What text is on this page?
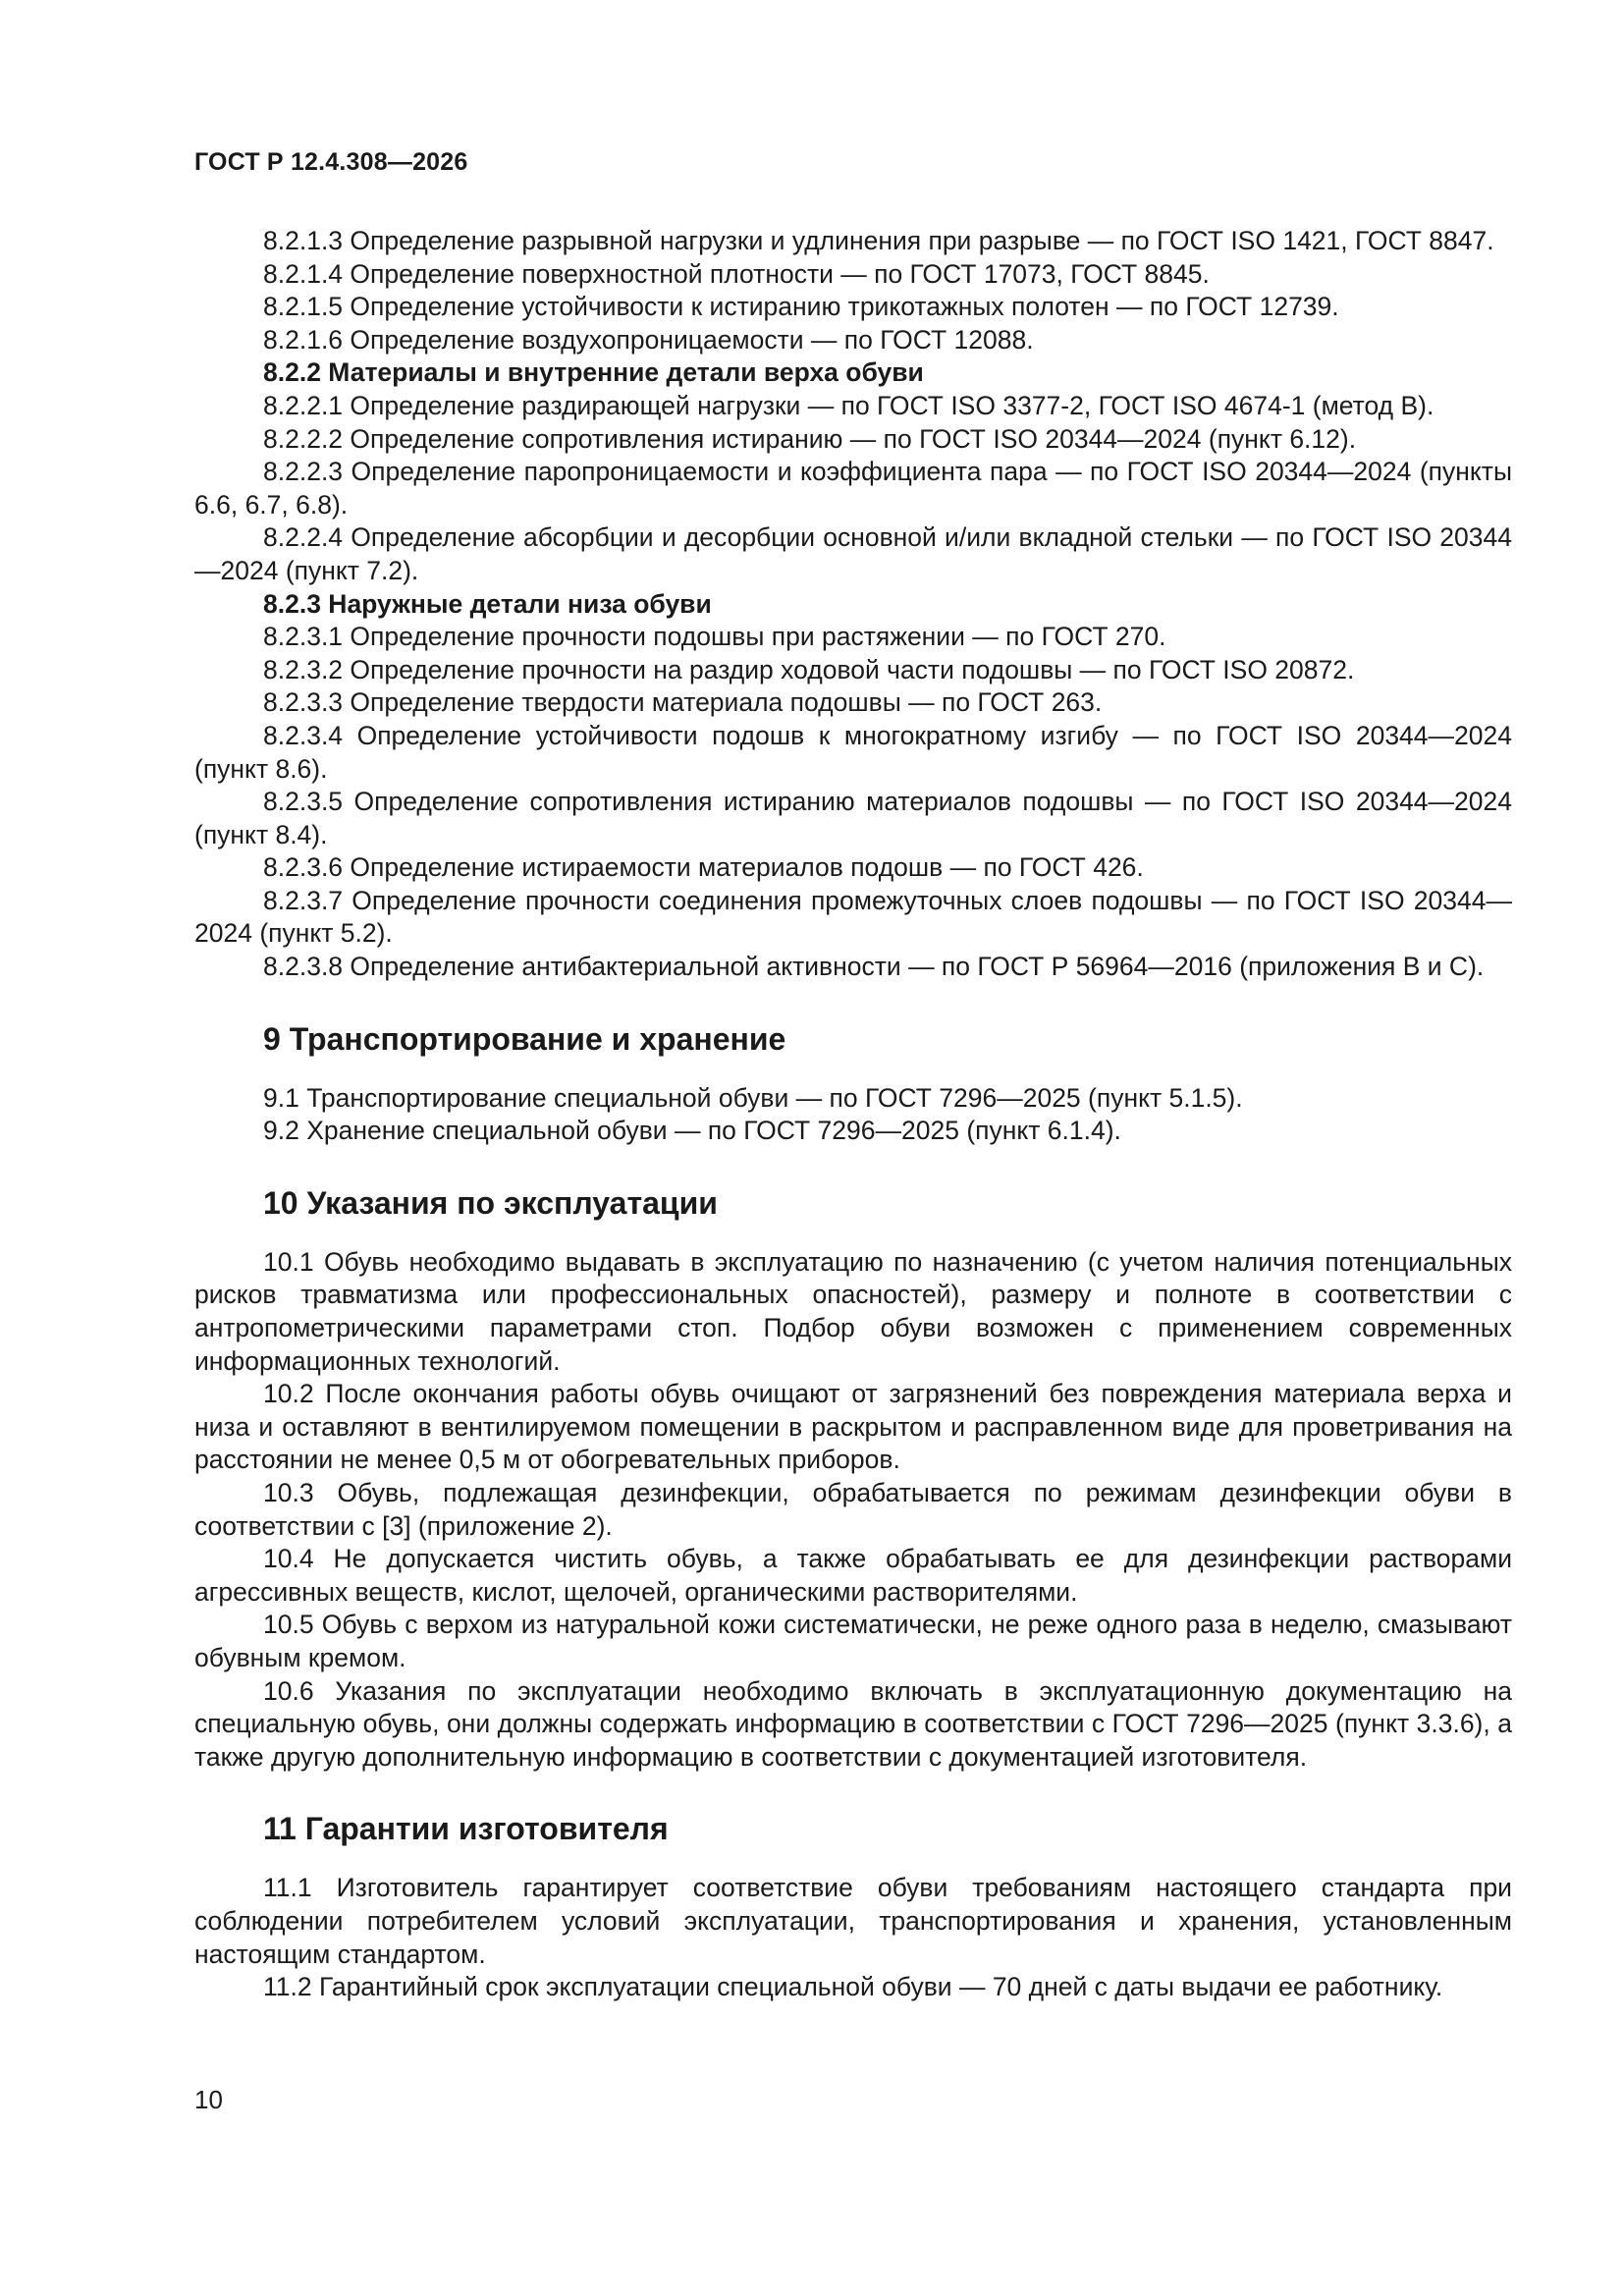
ГОСТ Р 12.4.308—2026

8.2.1.3 Определение разрывной нагрузки и удлинения при разрыве — по ГОСТ ISO 1421, ГОСТ 8847.

8.2.1.4 Определение поверхностной плотности — по ГОСТ 17073, ГОСТ 8845.

8.2.1.5 Определение устойчивости к истиранию трикотажных полотен — по ГОСТ 12739.

8.2.1.6 Определение воздухопроницаемости — по ГОСТ 12088.

8.2.2 Материалы и внутренние детали верха обуви

8.2.2.1 Определение раздирающей нагрузки — по ГОСТ ISO 3377-2, ГОСТ ISO 4674-1 (метод В).

8.2.2.2 Определение сопротивления истиранию — по ГОСТ ISO 20344—2024 (пункт 6.12).

8.2.2.3 Определение паропроницаемости и коэффициента пара — по ГОСТ ISO 20344—2024 (пункты 6.6, 6.7, 6.8).

8.2.2.4 Определение абсорбции и десорбции основной и/или вкладной стельки — по ГОСТ ISO 20344—2024 (пункт 7.2).

8.2.3 Наружные детали низа обуви

8.2.3.1 Определение прочности подошвы при растяжении — по ГОСТ 270.

8.2.3.2 Определение прочности на раздир ходовой части подошвы — по ГОСТ ISO 20872.

8.2.3.3 Определение твердости материала подошвы — по ГОСТ 263.

8.2.3.4 Определение устойчивости подошв к многократному изгибу — по ГОСТ ISO 20344—2024 (пункт 8.6).

8.2.3.5 Определение сопротивления истиранию материалов подошвы — по ГОСТ ISO 20344—2024 (пункт 8.4).

8.2.3.6 Определение истираемости материалов подошв — по ГОСТ 426.

8.2.3.7 Определение прочности соединения промежуточных слоев подошвы — по ГОСТ ISO 20344—2024 (пункт 5.2).

8.2.3.8 Определение антибактериальной активности — по ГОСТ Р 56964—2016 (приложения В и С).

9 Транспортирование и хранение

9.1 Транспортирование специальной обуви — по ГОСТ 7296—2025 (пункт 5.1.5).

9.2 Хранение специальной обуви — по ГОСТ 7296—2025 (пункт 6.1.4).

10 Указания по эксплуатации

10.1 Обувь необходимо выдавать в эксплуатацию по назначению (с учетом наличия потенциальных рисков травматизма или профессиональных опасностей), размеру и полноте в соответствии с антропометрическими параметрами стоп. Подбор обуви возможен с применением современных информационных технологий.

10.2 После окончания работы обувь очищают от загрязнений без повреждения материала верха и низа и оставляют в вентилируемом помещении в раскрытом и расправленном виде для проветривания на расстоянии не менее 0,5 м от обогревательных приборов.

10.3 Обувь, подлежащая дезинфекции, обрабатывается по режимам дезинфекции обуви в соответствии с [3] (приложение 2).

10.4 Не допускается чистить обувь, а также обрабатывать ее для дезинфекции растворами агрессивных веществ, кислот, щелочей, органическими растворителями.

10.5 Обувь с верхом из натуральной кожи систематически, не реже одного раза в неделю, смазывают обувным кремом.

10.6 Указания по эксплуатации необходимо включать в эксплуатационную документацию на специальную обувь, они должны содержать информацию в соответствии с ГОСТ 7296—2025 (пункт 3.3.6), а также другую дополнительную информацию в соответствии с документацией изготовителя.

11 Гарантии изготовителя

11.1 Изготовитель гарантирует соответствие обуви требованиям настоящего стандарта при соблюдении потребителем условий эксплуатации, транспортирования и хранения, установленным настоящим стандартом.

11.2 Гарантийный срок эксплуатации специальной обуви — 70 дней с даты выдачи ее работнику.

10
